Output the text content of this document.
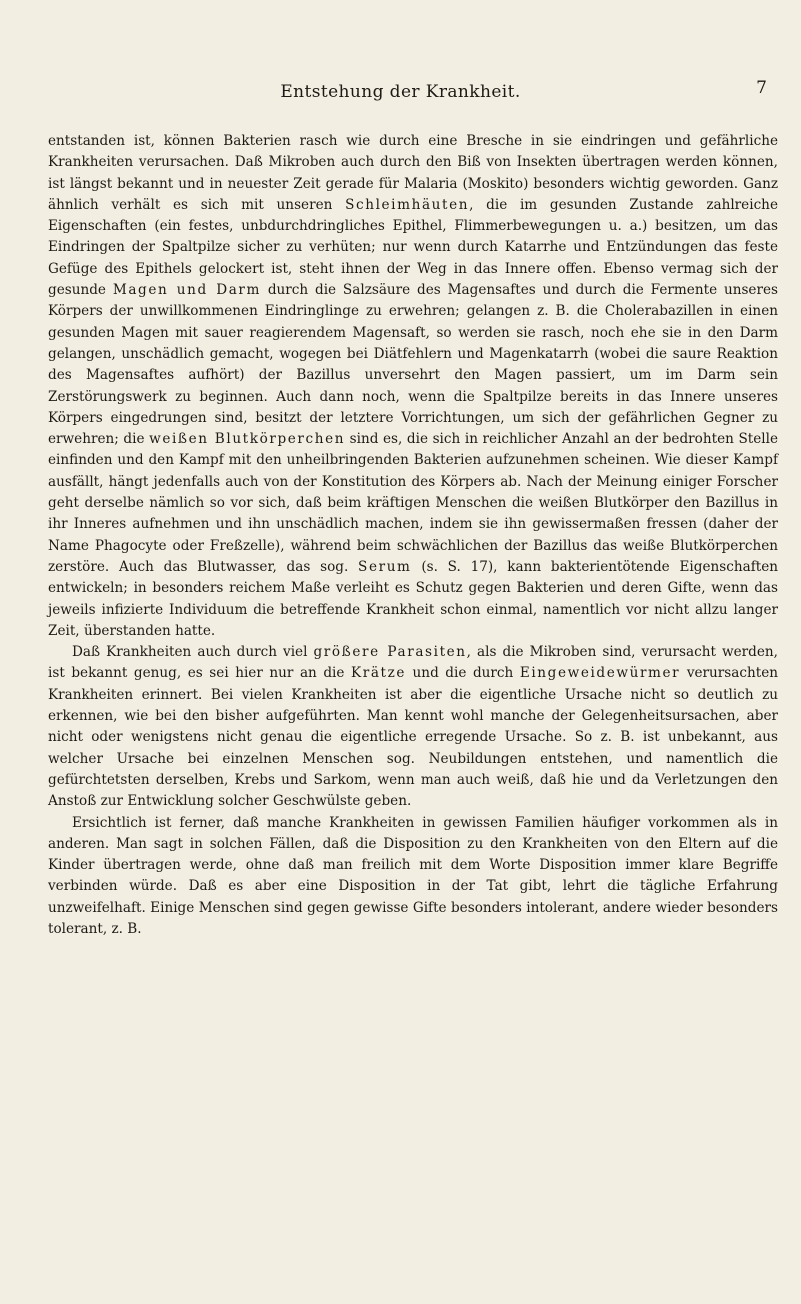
Entstehung der Krankheit.	7

entstanden ist, können Bakterien rasch wie durch eine Bresche in sie eindringen und gefährliche Krankheiten verursachen. Daß Mikroben auch durch den Biß von Insekten übertragen werden können, ist längst bekannt und in neuester Zeit gerade für Malaria (Moskito) besonders wichtig geworden. Ganz ähnlich verhält es sich mit unseren Schleimhäuten, die im gesunden Zustande zahlreiche Eigenschaften (ein festes, unbdurchdringliches Epithel, Flimmerbewegungen u. a.) besitzen, um das Eindringen der Spaltpilze sicher zu verhüten; nur wenn durch Katarrhe und Entzündungen das feste Gefüge des Epithels gelockert ist, steht ihnen der Weg in das Innere offen. Ebenso vermag sich der gesunde Magen und Darm durch die Salzsäure des Magensaftes und durch die Fermente unseres Körpers der unwillkommenen Eindringlinge zu erwehren; gelangen z. B. die Cholerabazillen in einen gesunden Magen mit sauer reagierendem Magensaft, so werden sie rasch, noch ehe sie in den Darm gelangen, unschädlich gemacht, wogegen bei Diätfehlern und Magenkatarrh (wobei die saure Reaktion des Magensaftes aufhört) der Bazillus unversehrt den Magen passiert, um im Darm sein Zerstörungswerk zu beginnen. Auch dann noch, wenn die Spaltpilze bereits in das Innere unseres Körpers eingedrungen sind, besitzt der letztere Vorrichtungen, um sich der gefährlichen Gegner zu erwehren; die weißen Blutkörperchen sind es, die sich in reichlicher Anzahl an der bedrohten Stelle einfinden und den Kampf mit den unheilbringenden Bakterien aufzunehmen scheinen. Wie dieser Kampf ausfällt, hängt jedenfalls auch von der Konstitution des Körpers ab. Nach der Meinung einiger Forscher geht derselbe nämlich so vor sich, daß beim kräftigen Menschen die weißen Blutkörper den Bazillus in ihr Inneres aufnehmen und ihn unschädlich machen, indem sie ihn gewissermaßen fressen (daher der Name Phagocyte oder Freßzelle), während beim schwächlichen der Bazillus das weiße Blutkörperchen zerstöre. Auch das Blutwasser, das sog. Serum (s. S. 17), kann bakterientötende Eigenschaften entwickeln; in besonders reichem Maße verleiht es Schutz gegen Bakterien und deren Gifte, wenn das jeweils infizierte Individuum die betreffende Krankheit schon einmal, namentlich vor nicht allzu langer Zeit, überstanden hatte.

Daß Krankheiten auch durch viel größere Parasiten, als die Mikroben sind, verursacht werden, ist bekannt genug, es sei hier nur an die Krätze und die durch Eingeweidewürmer verursachten Krankheiten erinnert. Bei vielen Krankheiten ist aber die eigentliche Ursache nicht so deutlich zu erkennen, wie bei den bisher aufgeführten. Man kennt wohl manche der Gelegenheitsursachen, aber nicht oder wenigstens nicht genau die eigentliche erregende Ursache. So z. B. ist unbekannt, aus welcher Ursache bei einzelnen Menschen sog. Neubildungen entstehen, und namentlich die gefürchtetsten derselben, Krebs und Sarkom, wenn man auch weiß, daß hie und da Verletzungen den Anstoß zur Entwicklung solcher Geschwülste geben.

Ersichtlich ist ferner, daß manche Krankheiten in gewissen Familien häufiger vorkommen als in anderen. Man sagt in solchen Fällen, daß die Disposition zu den Krankheiten von den Eltern auf die Kinder übertragen werde, ohne daß man freilich mit dem Worte Disposition immer klare Begriffe verbinden würde. Daß es aber eine Disposition in der Tat gibt, lehrt die tägliche Erfahrung unzweifelhaft. Einige Menschen sind gegen gewisse Gifte besonders intolerant, andere wieder besonders tolerant, z. B.
